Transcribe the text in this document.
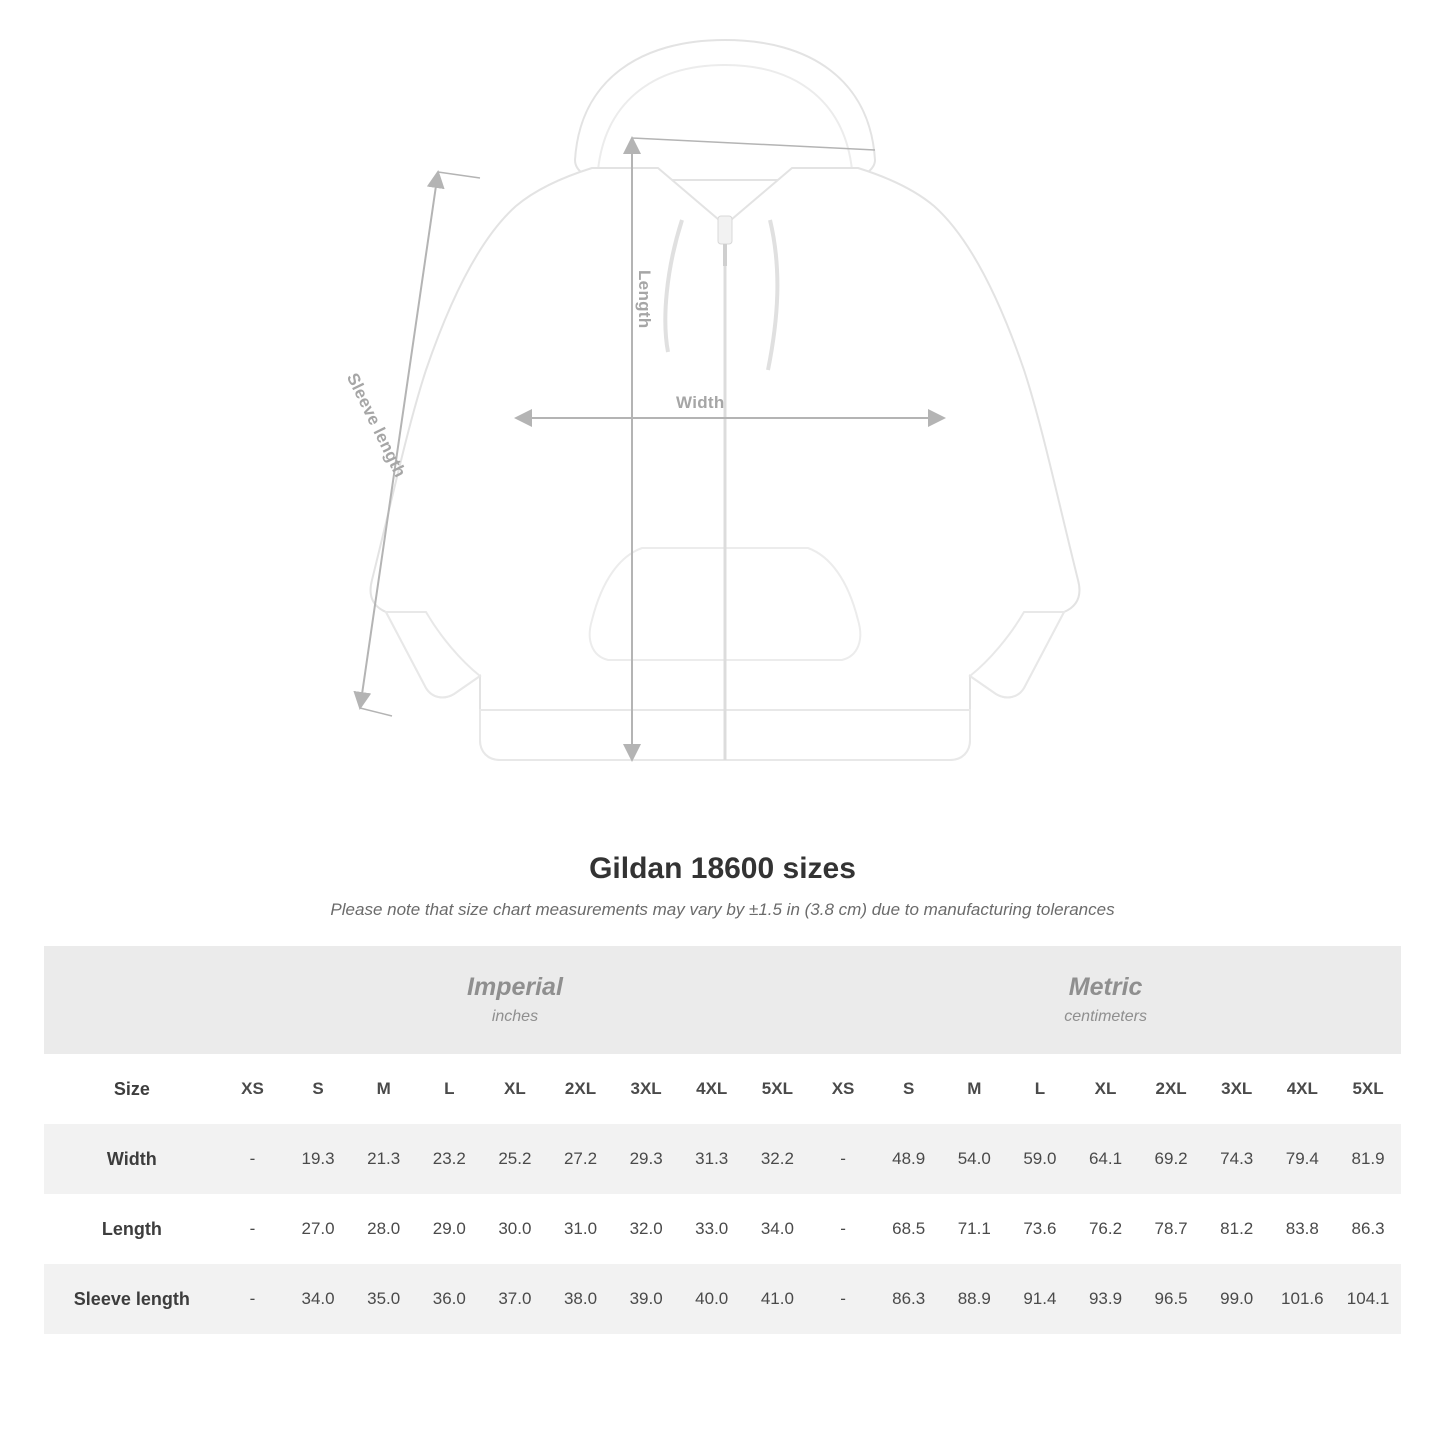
Width
Length
Sleeve length
Gildan 18600 sizes

Please note that size chart measurements may vary by ±1.5 in (3.8 cm) due to manufacturing tolerances

Imperial
inches

Metric
centimeters

Size	XS	S	M	L	XL	2XL	3XL	4XL	5XL	XS	S	M	L	XL	2XL	3XL	4XL	5XL
Width	-	19.3	21.3	23.2	25.2	27.2	29.3	31.3	32.2	-	48.9	54.0	59.0	64.1	69.2	74.3	79.4	81.9
Length	-	27.0	28.0	29.0	30.0	31.0	32.0	33.0	34.0	-	68.5	71.1	73.6	76.2	78.7	81.2	83.8	86.3
Sleeve length	-	34.0	35.0	36.0	37.0	38.0	39.0	40.0	41.0	-	86.3	88.9	91.4	93.9	96.5	99.0	101.6	104.1
